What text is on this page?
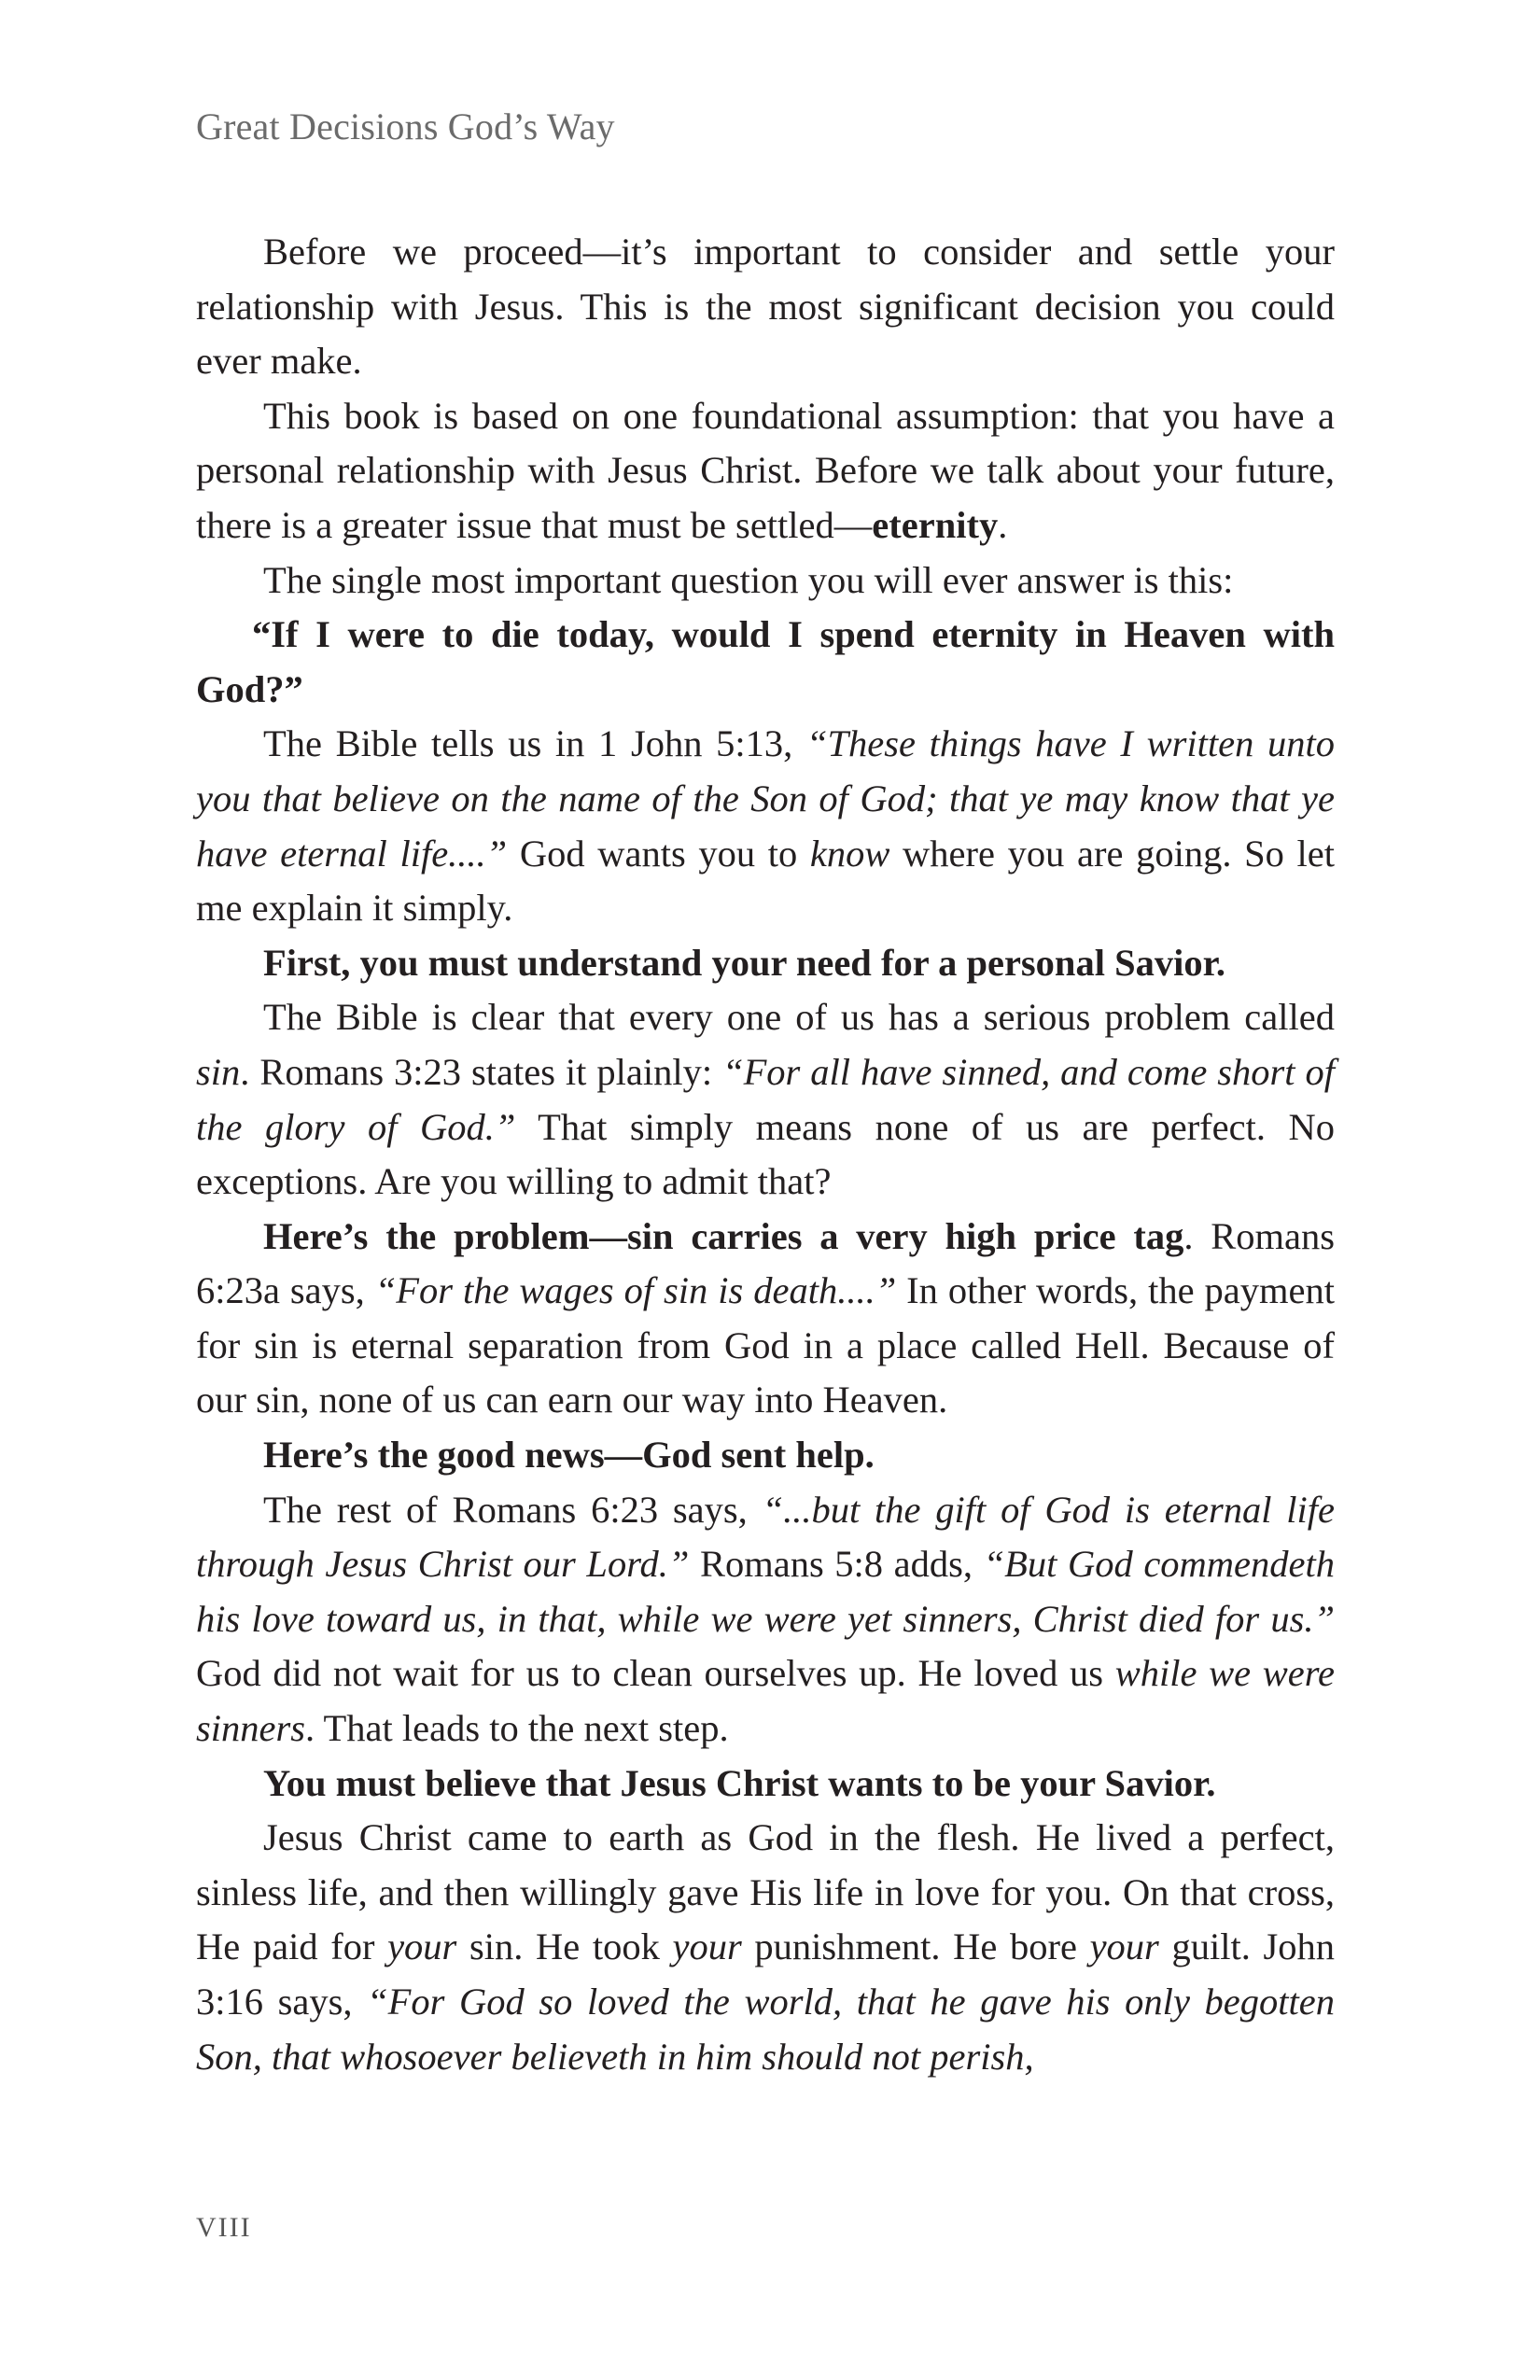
Great Decisions God’s Way

Before we proceed—it’s important to consider and settle your relationship with Jesus. This is the most significant decision you could ever make.

This book is based on one foundational assumption: that you have a personal relationship with Jesus Christ. Before we talk about your future, there is a greater issue that must be settled—eternity.

The single most important question you will ever answer is this:

“If I were to die today, would I spend eternity in Heaven with God?”

The Bible tells us in 1 John 5:13, “These things have I written unto you that believe on the name of the Son of God; that ye may know that ye have eternal life....” God wants you to know where you are going. So let me explain it simply.

First, you must understand your need for a personal Savior.

The Bible is clear that every one of us has a serious problem called sin. Romans 3:23 states it plainly: “For all have sinned, and come short of the glory of God.” That simply means none of us are perfect. No exceptions. Are you willing to admit that?

Here’s the problem—sin carries a very high price tag. Romans 6:23a says, “For the wages of sin is death....” In other words, the payment for sin is eternal separation from God in a place called Hell. Because of our sin, none of us can earn our way into Heaven.

Here’s the good news—God sent help.

The rest of Romans 6:23 says, “...but the gift of God is eternal life through Jesus Christ our Lord.” Romans 5:8 adds, “But God commendeth his love toward us, in that, while we were yet sinners, Christ died for us.” God did not wait for us to clean ourselves up. He loved us while we were sinners. That leads to the next step.

You must believe that Jesus Christ wants to be your Savior.

Jesus Christ came to earth as God in the flesh. He lived a perfect, sinless life, and then willingly gave His life in love for you. On that cross, He paid for your sin. He took your punishment. He bore your guilt. John 3:16 says, “For God so loved the world, that he gave his only begotten Son, that whosoever believeth in him should not perish,

VIII
